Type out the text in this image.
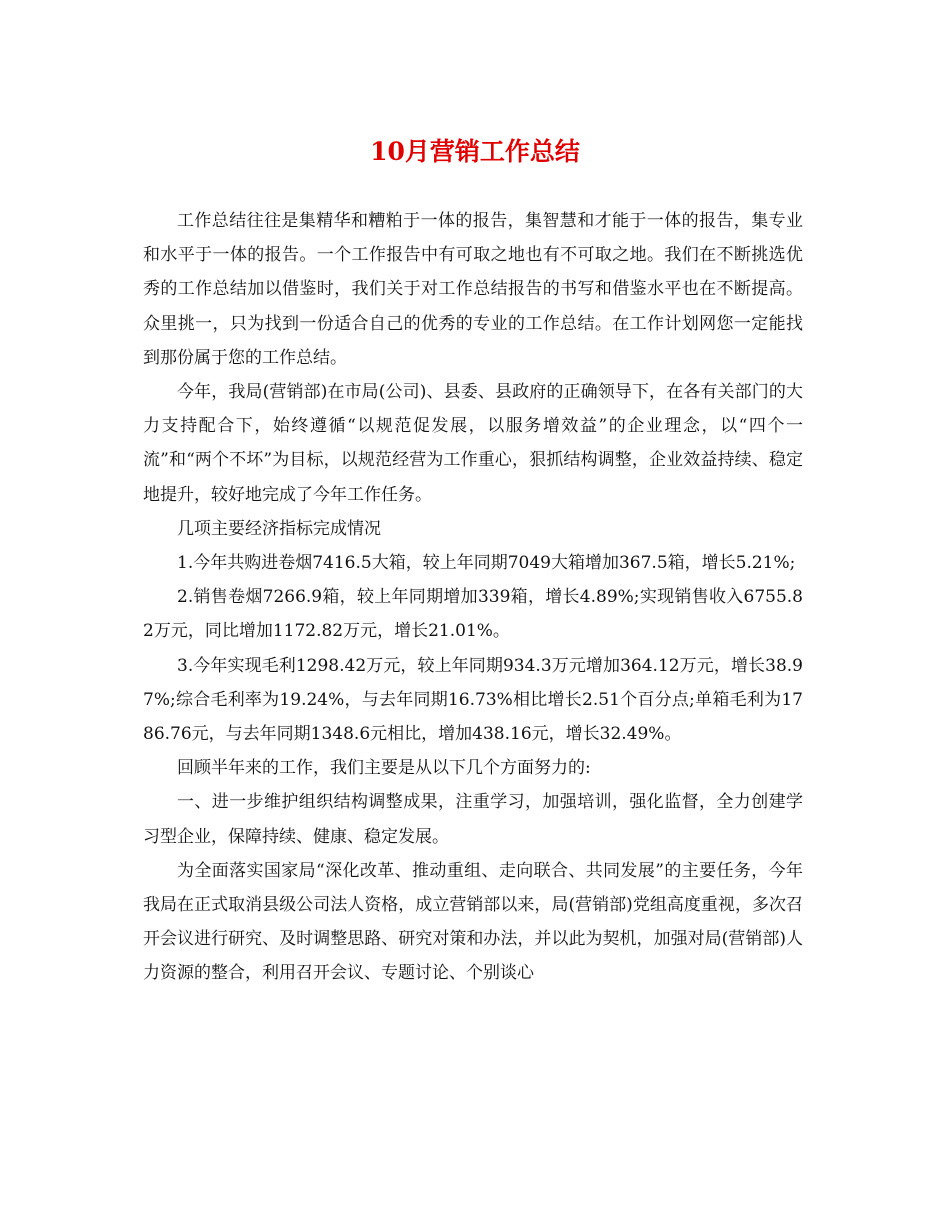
10月营销工作总结

工作总结往往是集精华和糟粕于一体的报告，集智慧和才能于一体的报告，集专业和水平于一体的报告。一个工作报告中有可取之地也有不可取之地。我们在不断挑选优秀的工作总结加以借鉴时，我们关于对工作总结报告的书写和借鉴水平也在不断提高。众里挑一，只为找到一份适合自己的优秀的专业的工作总结。在工作计划网您一定能找到那份属于您的工作总结。

今年，我局(营销部)在市局(公司)、县委、县政府的正确领导下，在各有关部门的大力支持配合下，始终遵循“以规范促发展，以服务增效益”的企业理念，以“四个一流”和“两个不坏”为目标，以规范经营为工作重心，狠抓结构调整，企业效益持续、稳定地提升，较好地完成了今年工作任务。

几项主要经济指标完成情况

1.今年共购进卷烟7416.5大箱，较上年同期7049大箱增加367.5箱，增长5.21%;

2.销售卷烟7266.9箱，较上年同期增加339箱，增长4.89%;实现销售收入6755.82万元，同比增加1172.82万元，增长21.01%。

3.今年实现毛利1298.42万元，较上年同期934.3万元增加364.12万元，增长38.97%;综合毛利率为19.24%，与去年同期16.73%相比增长2.51个百分点;单箱毛利为1786.76元，与去年同期1348.6元相比，增加438.16元，增长32.49%。

回顾半年来的工作，我们主要是从以下几个方面努力的:

一、进一步维护组织结构调整成果，注重学习，加强培训，强化监督，全力创建学习型企业，保障持续、健康、稳定发展。

为全面落实国家局“深化改革、推动重组、走向联合、共同发展”的主要任务，今年我局在正式取消县级公司法人资格，成立营销部以来，局(营销部)党组高度重视，多次召开会议进行研究、及时调整思路、研究对策和办法，并以此为契机，加强对局(营销部)人力资源的整合，利用召开会议、专题讨论、个别谈心
